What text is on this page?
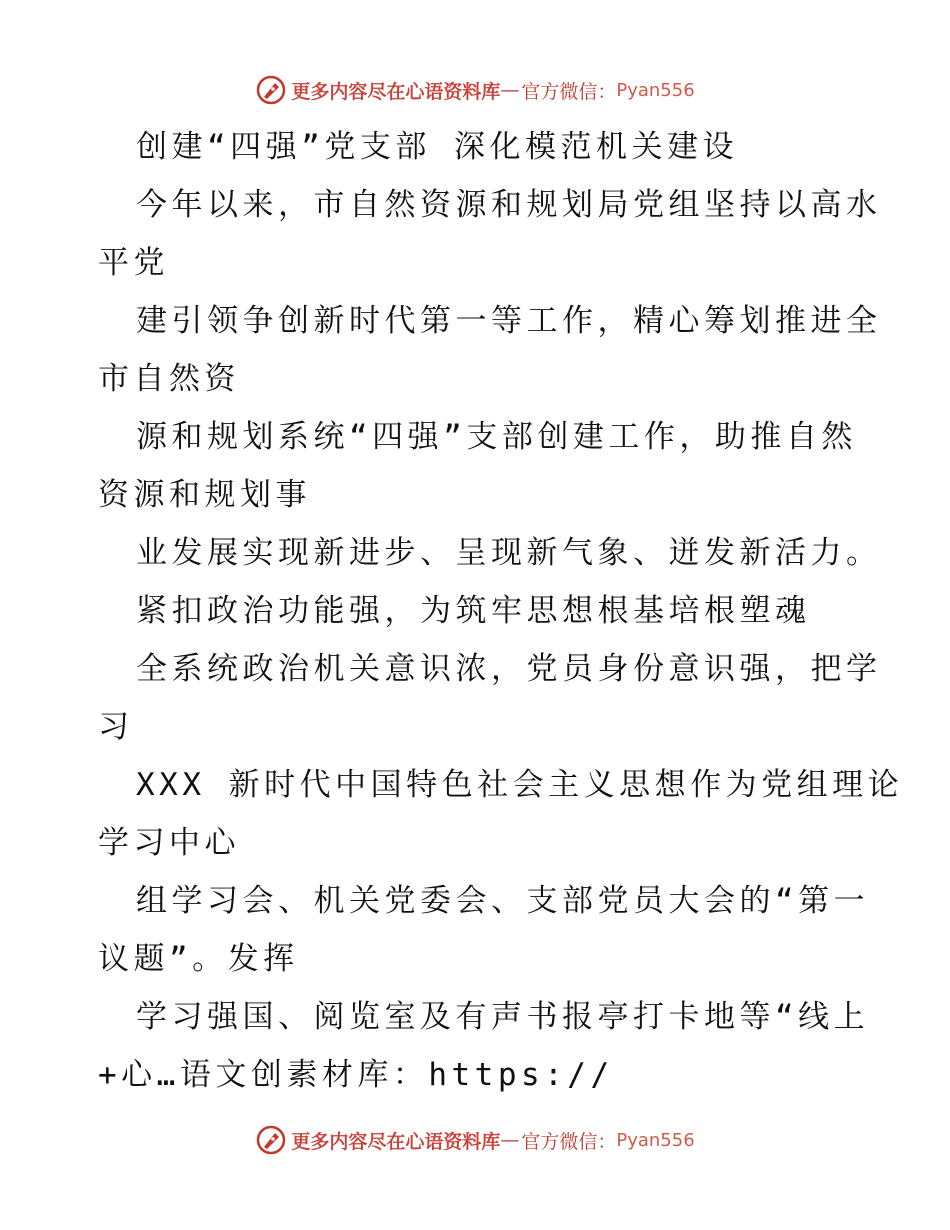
更多内容尽在心语资料库 — 官方微信： Pyan556
创建“四强”党支部 深化模范机关建设
今年以来，市自然资源和规划局党组坚持以高水
平党
建引领争创新时代第一等工作，精心筹划推进全
市自然资
源和规划系统“四强”支部创建工作，助推自然
资源和规划事
业发展实现新进步、呈现新气象、迸发新活力。
紧扣政治功能强，为筑牢思想根基培根塑魂
全系统政治机关意识浓，党员身份意识强，把学
习
XXX 新时代中国特色社会主义思想作为党组理论
学习中心
组学习会、机关党委会、支部党员大会的“第一
议题”。发挥
学习强国、阅览室及有声书报亭打卡地等“线上
+心…语文创素材库：https://
更多内容尽在心语资料库 — 官方微信： Pyan556
